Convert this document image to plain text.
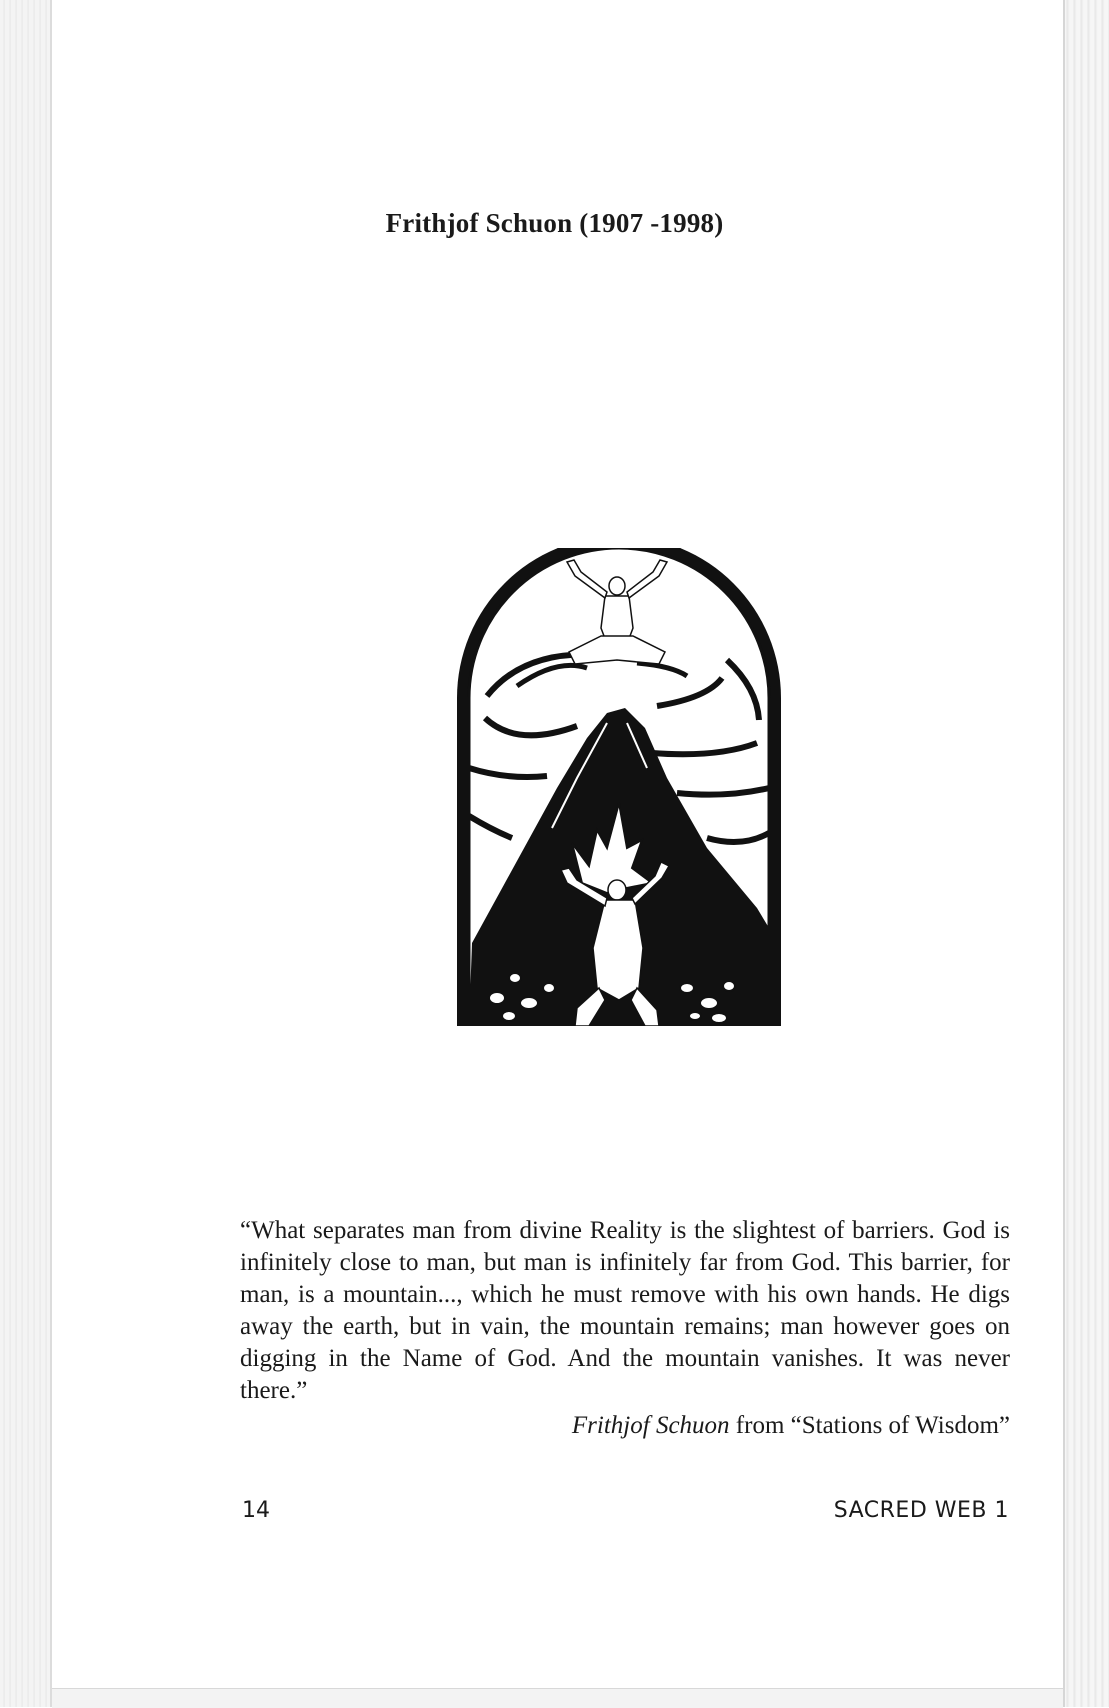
Frithjof Schuon (1907 -1998)
“What separates man from divine Reality is the slightest of barriers. God is infinitely close to man, but man is infinitely far from God. This barrier, for man, is a mountain..., which he must remove with his own hands. He digs away the earth, but in vain, the mountain remains; man however goes on digging in the Name of God. And the mountain vanishes. It was never there.”
Frithjof Schuon from “Stations of Wisdom”
14	SACRED WEB 1
